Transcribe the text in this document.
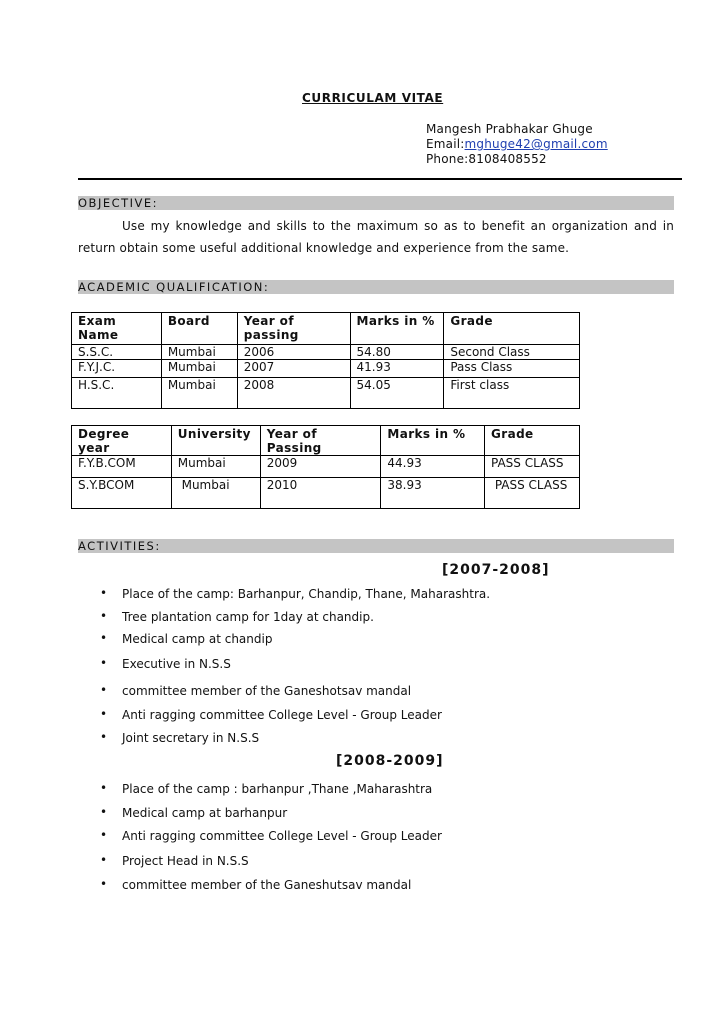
CURRICULAM VITAE
Mangesh Prabhakar Ghuge
Email:mghuge42@gmail.com
Phone:8108408552
OBJECTIVE:
Use my knowledge and skills to the maximum so as to benefit an organization and in return obtain some useful additional knowledge and experience from the same.
ACADEMIC QUALIFICATION:
Exam Name	Board	Year of passing	Marks in %	Grade
S.S.C.	Mumbai	2006	54.80	Second Class
F.Y.J.C.	Mumbai	2007	41.93	Pass Class
H.S.C.	Mumbai	2008	54.05	First class
Degree year	University	Year of Passing	Marks in %	Grade
F.Y.B.COM	Mumbai	2009	44.93	PASS CLASS
S.Y.BCOM	Mumbai	2010	38.93	PASS CLASS
ACTIVITIES:
[2007-2008]
• Place of the camp: Barhanpur, Chandip, Thane, Maharashtra.
• Tree plantation camp for 1day at chandip.
• Medical camp at chandip
• Executive in N.S.S
• committee member of the Ganeshotsav mandal
• Anti ragging committee College Level - Group Leader
• Joint secretary in N.S.S
[2008-2009]
• Place of the camp : barhanpur ,Thane ,Maharashtra
• Medical camp at barhanpur
• Anti ragging committee College Level - Group Leader
• Project Head in N.S.S
• committee member of the Ganeshutsav mandal
